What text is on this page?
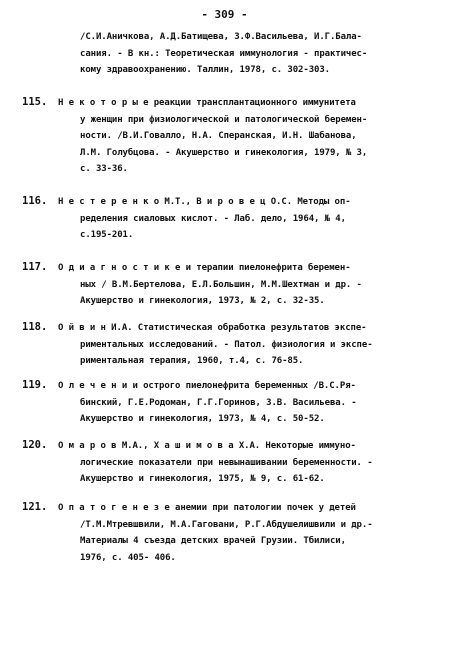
- 309 -
/С.И.Аничкова, А.Д.Батищева, З.Ф.Васильева, И.Г.Бала-
сания. - В кн.: Теоретическая иммунология - практичес-
кому здравоохранению. Таллин, 1978, с. 302-303.
115. Н е к о т о р ы е реакции трансплантационного иммунитета
у женщин при физиологической и патологической беремен-
ности. /В.И.Говалло, Н.А. Сперанская, И.Н. Шабанова,
Л.М. Голубцова. - Акушерство и гинекология, 1979, № 3,
с. 33-36.
116. Н е с т е р е н к о М.Т., В и р о в е ц О.С. Методы оп-
ределения сиаловых кислот. - Лаб. дело, 1964, № 4,
с.195-201.
117. О д и а г н о с т и к е и терапии пиелонефрита беремен-
ных / В.М.Бертелова, Е.Л.Большин, М.М.Шехтман и др. -
Акушерство и гинекология, 1973, № 2, с. 32-35.
118. О й в и н И.А. Статистическая обработка результатов экспе-
риментальных исследований. - Патол. физиология и экспе-
риментальная терапия, 1960, т.4, с. 76-85.
119. О л е ч е н и и острого пиелонефрита беременных /В.С.Ря-
бинский, Г.Е.Родоман, Г.Г.Горинов, З.В. Васильева. -
Акушерство и гинекология, 1973, № 4, с. 50-52.
120. О м а р о в М.А., Х а ш и м о в а Х.А. Некоторые иммуно-
логические показатели при невынашивании беременности. -
Акушерство и гинекология, 1975, № 9, с. 61-62.
121. О п а т о г е н е з е анемии при патологии почек у детей
/Т.М.Мтревшвили, М.А.Гаговани, Р.Г.Абдушелишвили и др.-
Материалы 4 съезда детских врачей Грузии. Тбилиси,
1976, с. 405- 406.
